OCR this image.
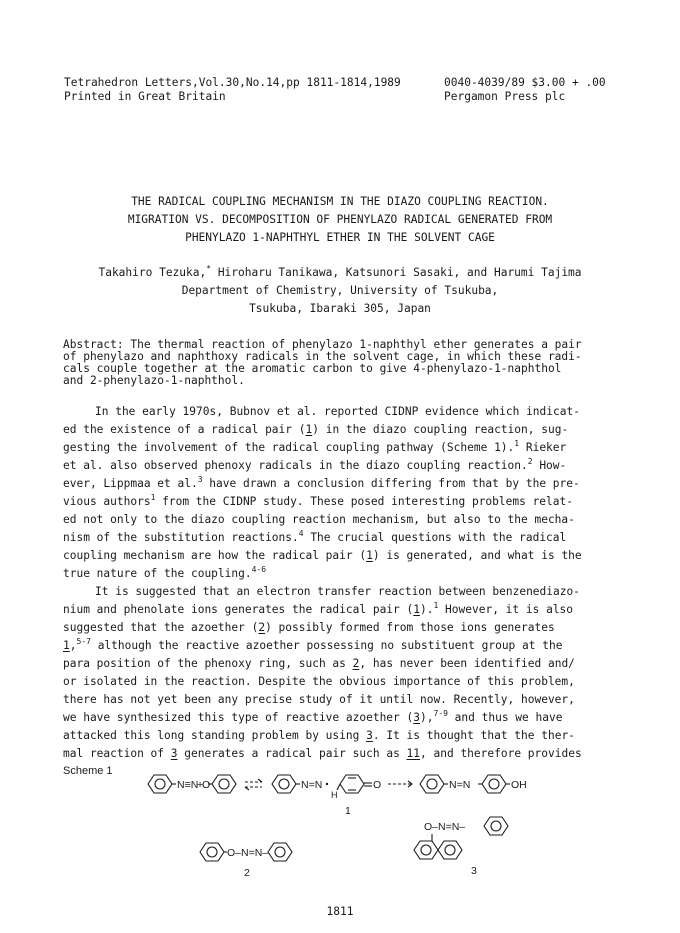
Tetrahedron Letters,Vol.30,No.14,pp 1811-1814,1989
Printed in Great Britain
0040-4039/89 $3.00 + .00
Pergamon Press plc
THE RADICAL COUPLING MECHANISM IN THE DIAZO COUPLING REACTION.
MIGRATION VS. DECOMPOSITION OF PHENYLAZO RADICAL GENERATED FROM
PHENYLAZO 1-NAPHTHYL ETHER IN THE SOLVENT CAGE
Takahiro Tezuka,* Hiroharu Tanikawa, Katsunori Sasaki, and Harumi Tajima
Department of Chemistry, University of Tsukuba,
Tsukuba, Ibaraki 305, Japan
Abstract: The thermal reaction of phenylazo 1-naphthyl ether generates a pair
of phenylazo and naphthoxy radicals in the solvent cage, in which these radi-
cals couple together at the aromatic carbon to give 4-phenylazo-1-naphthol
and 2-phenylazo-1-naphthol.
In the early 1970s, Bubnov et al. reported CIDNP evidence which indicat-
ed the existence of a radical pair (1) in the diazo coupling reaction, sug-
gesting the involvement of the radical coupling pathway (Scheme 1).$^1$ Rieker
et al. also observed phenoxy radicals in the diazo coupling reaction.$^2$ How-
ever, Lippmaa et al.$^3$ have drawn a conclusion differing from that by the pre-
vious authors$^1$ from the CIDNP study. These posed interesting problems relat-
ed not only to the diazo coupling reaction mechanism, but also to the mecha-
nism of the substitution reactions.$^4$ The crucial questions with the radical
coupling mechanism are how the radical pair (1) is generated, and what is the
true nature of the coupling.$^{4-6}$
It is suggested that an electron transfer reaction between benzenediazo-
nium and phenolate ions generates the radical pair (1).$^1$ However, it is also
suggested that the azoether (2) possibly formed from those ions generates
1,$^{5-7}$ although the reactive azoether possessing no substituent group at the
para position of the phenoxy ring, such as 2, has never been identified and/
or isolated in the reaction. Despite the obvious importance of this problem,
there has not yet been any precise study of it until now. Recently, however,
we have synthesized this type of reactive azoether (3),$^{7-9}$ and thus we have
attacked this long standing problem by using 3. It is thought that the ther-
mal reaction of 3 generates a radical pair such as 11, and therefore provides
Scheme 1
N≡N
+
O	N=N
H
O	N=N	OH
1
O–N=N–
2
O–N=N–
3
1811
